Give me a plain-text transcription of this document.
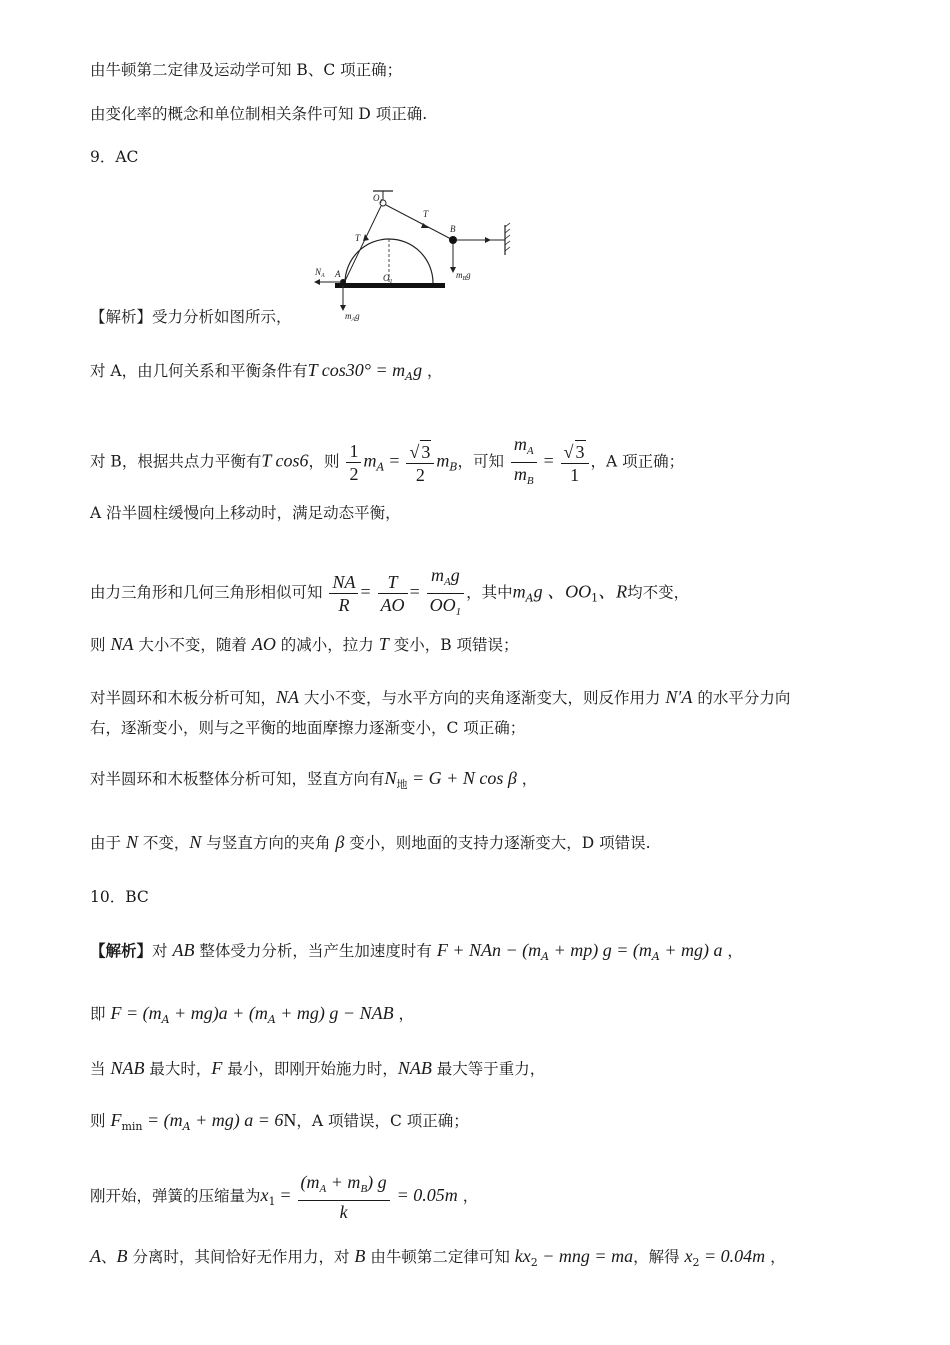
由牛顿第二定律及运动学可知 B、C 项正确；
由变化率的概念和单位制相关条件可知 D 项正确.
9．AC
$O_1$
T
T
B
$m_Bg$
$N_A$ A	$O_1$
$m_Ag$
【解析】受力分析如图所示，
对 A，由几何关系和平衡条件有T $\cos 30^\circ = m_Ag$ ，
对 B，根据共点力平衡有T cos6，则 $\frac{1}{2} m_A = \frac{√ 3}{2} m_B$，可知 $\frac{m_A}{m_B} = \frac{√ 3}{1}$ ，A 项正确；
A 沿半圆柱缓慢向上移动时，满足动态平衡，
由力三角形和几何三角形相似可知 $\frac{NA}{R} = \frac{T}{AO} = \frac{m_Ag}{OO_1}$ ，其中$m_Ag$ 、$OO_1$、R均不变，
则 NA 大小不变，随着 AO 的减小，拉力 T 变小，B 项错误；
对半圆环和木板分析可知，NA 大小不变，与水平方向的夹角逐渐变大，则反作用力 N′A 的水平分力向
右，逐渐变小，则与之平衡的地面摩擦力逐渐变小，C 项正确；
对半圆环和木板整体分析可知，竖直方向有$N_地 = G + N$ cos β ，
由于 N 不变，N 与竖直方向的夹角 β 变小，则地面的支持力逐渐变大，D 项错误.
10．BC
【解析】对 AB 整体受力分析，当产生加速度时有 F + NAn − $(m_A + mp) g = (m_A + mg)$ a ，
即 $F = (m_A + mg)a + (m_A + mg) g$ − NAB ，
当 NAB 最大时，F 最小，即刚开始施力时，NAB 最大等于重力，
则 $F_{min} = (m_A + mg) a = 6N$，A 项错误，C 项正确；
刚开始，弹簧的压缩量为$x_1 = \frac{(m_A + m_B) g}{k} = 0.05m$ ，
A、B 分离时，其间恰好无作用力，对 B 由牛顿第二定律可知 $kx_2$ − mng = ma，解得 $x_2 = 0.04m$ ，
